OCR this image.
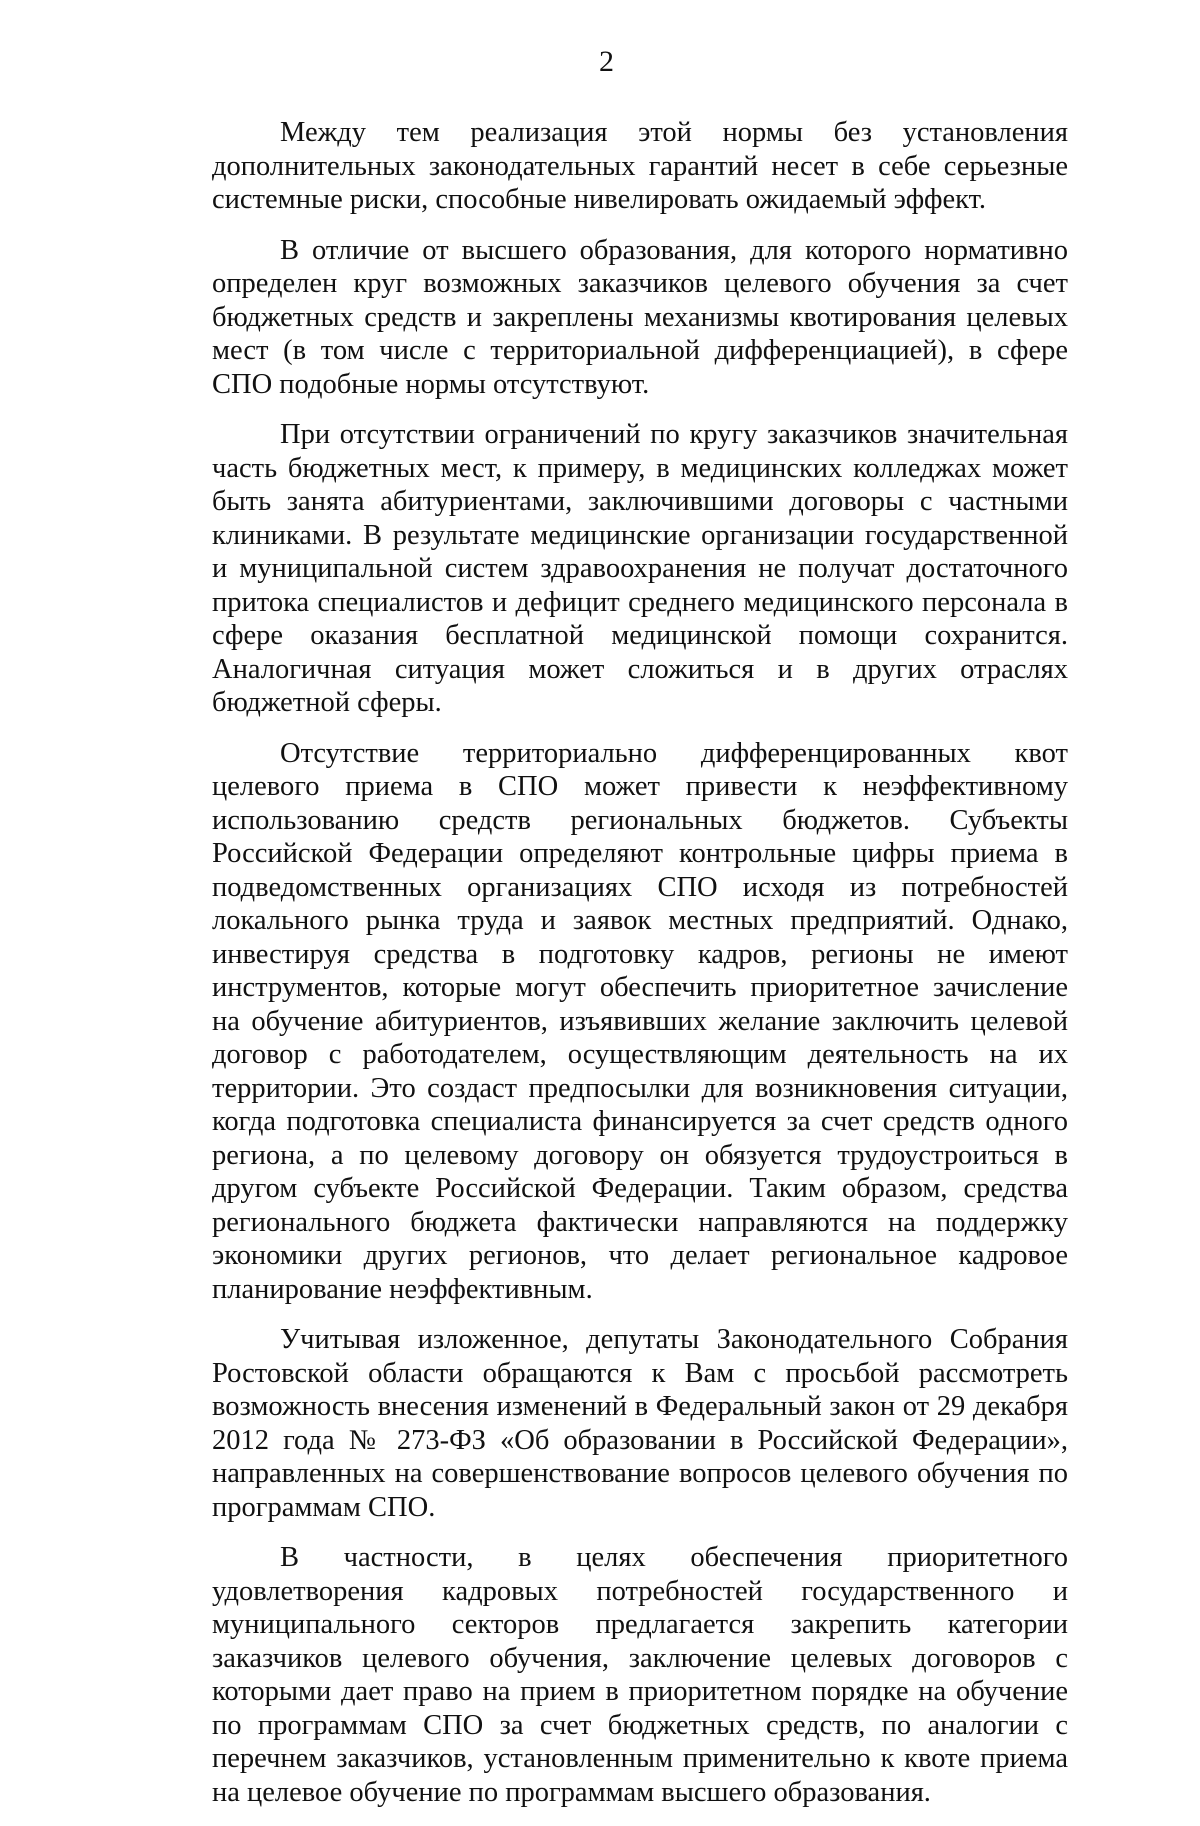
2

Между тем реализация этой нормы без установления дополнительных законодательных гарантий несет в себе серьезные системные риски, способные нивелировать ожидаемый эффект.

В отличие от высшего образования, для которого нормативно определен круг возможных заказчиков целевого обучения за счет бюджетных средств и закреплены механизмы квотирования целевых мест (в том числе с территориальной дифференциацией), в сфере СПО подобные нормы отсутствуют.

При отсутствии ограничений по кругу заказчиков значительная часть бюджетных мест, к примеру, в медицинских колледжах может быть занята абитуриентами, заключившими договоры с частными клиниками. В результате медицинские организации государственной и муниципальной систем здравоохранения не получат достаточного притока специалистов и дефицит среднего медицинского персонала в сфере оказания бесплатной медицинской помощи сохранится. Аналогичная ситуация может сложиться и в других отраслях бюджетной сферы.

Отсутствие территориально дифференцированных квот целевого приема в СПО может привести к неэффективному использованию средств региональных бюджетов. Субъекты Российской Федерации определяют контрольные цифры приема в подведомственных организациях СПО исходя из потребностей локального рынка труда и заявок местных предприятий. Однако, инвестируя средства в подготовку кадров, регионы не имеют инструментов, которые могут обеспечить приоритетное зачисление на обучение абитуриентов, изъявивших желание заключить целевой договор с работодателем, осуществляющим деятельность на их территории. Это создаст предпосылки для возникновения ситуации, когда подготовка специалиста финансируется за счет средств одного региона, а по целевому договору он обязуется трудоустроиться в другом субъекте Российской Федерации. Таким образом, средства регионального бюджета фактически направляются на поддержку экономики других регионов, что делает региональное кадровое планирование неэффективным.

Учитывая изложенное, депутаты Законодательного Собрания Ростовской области обращаются к Вам с просьбой рассмотреть возможность внесения изменений в Федеральный закон от 29 декабря 2012 года № 273-ФЗ «Об образовании в Российской Федерации», направленных на совершенствование вопросов целевого обучения по программам СПО.

В частности, в целях обеспечения приоритетного удовлетворения кадровых потребностей государственного и муниципального секторов предлагается закрепить категории заказчиков целевого обучения, заключение целевых договоров с которыми дает право на прием в приоритетном порядке на обучение по программам СПО за счет бюджетных средств, по аналогии с перечнем заказчиков, установленным применительно к квоте приема на целевое обучение по программам высшего образования.
